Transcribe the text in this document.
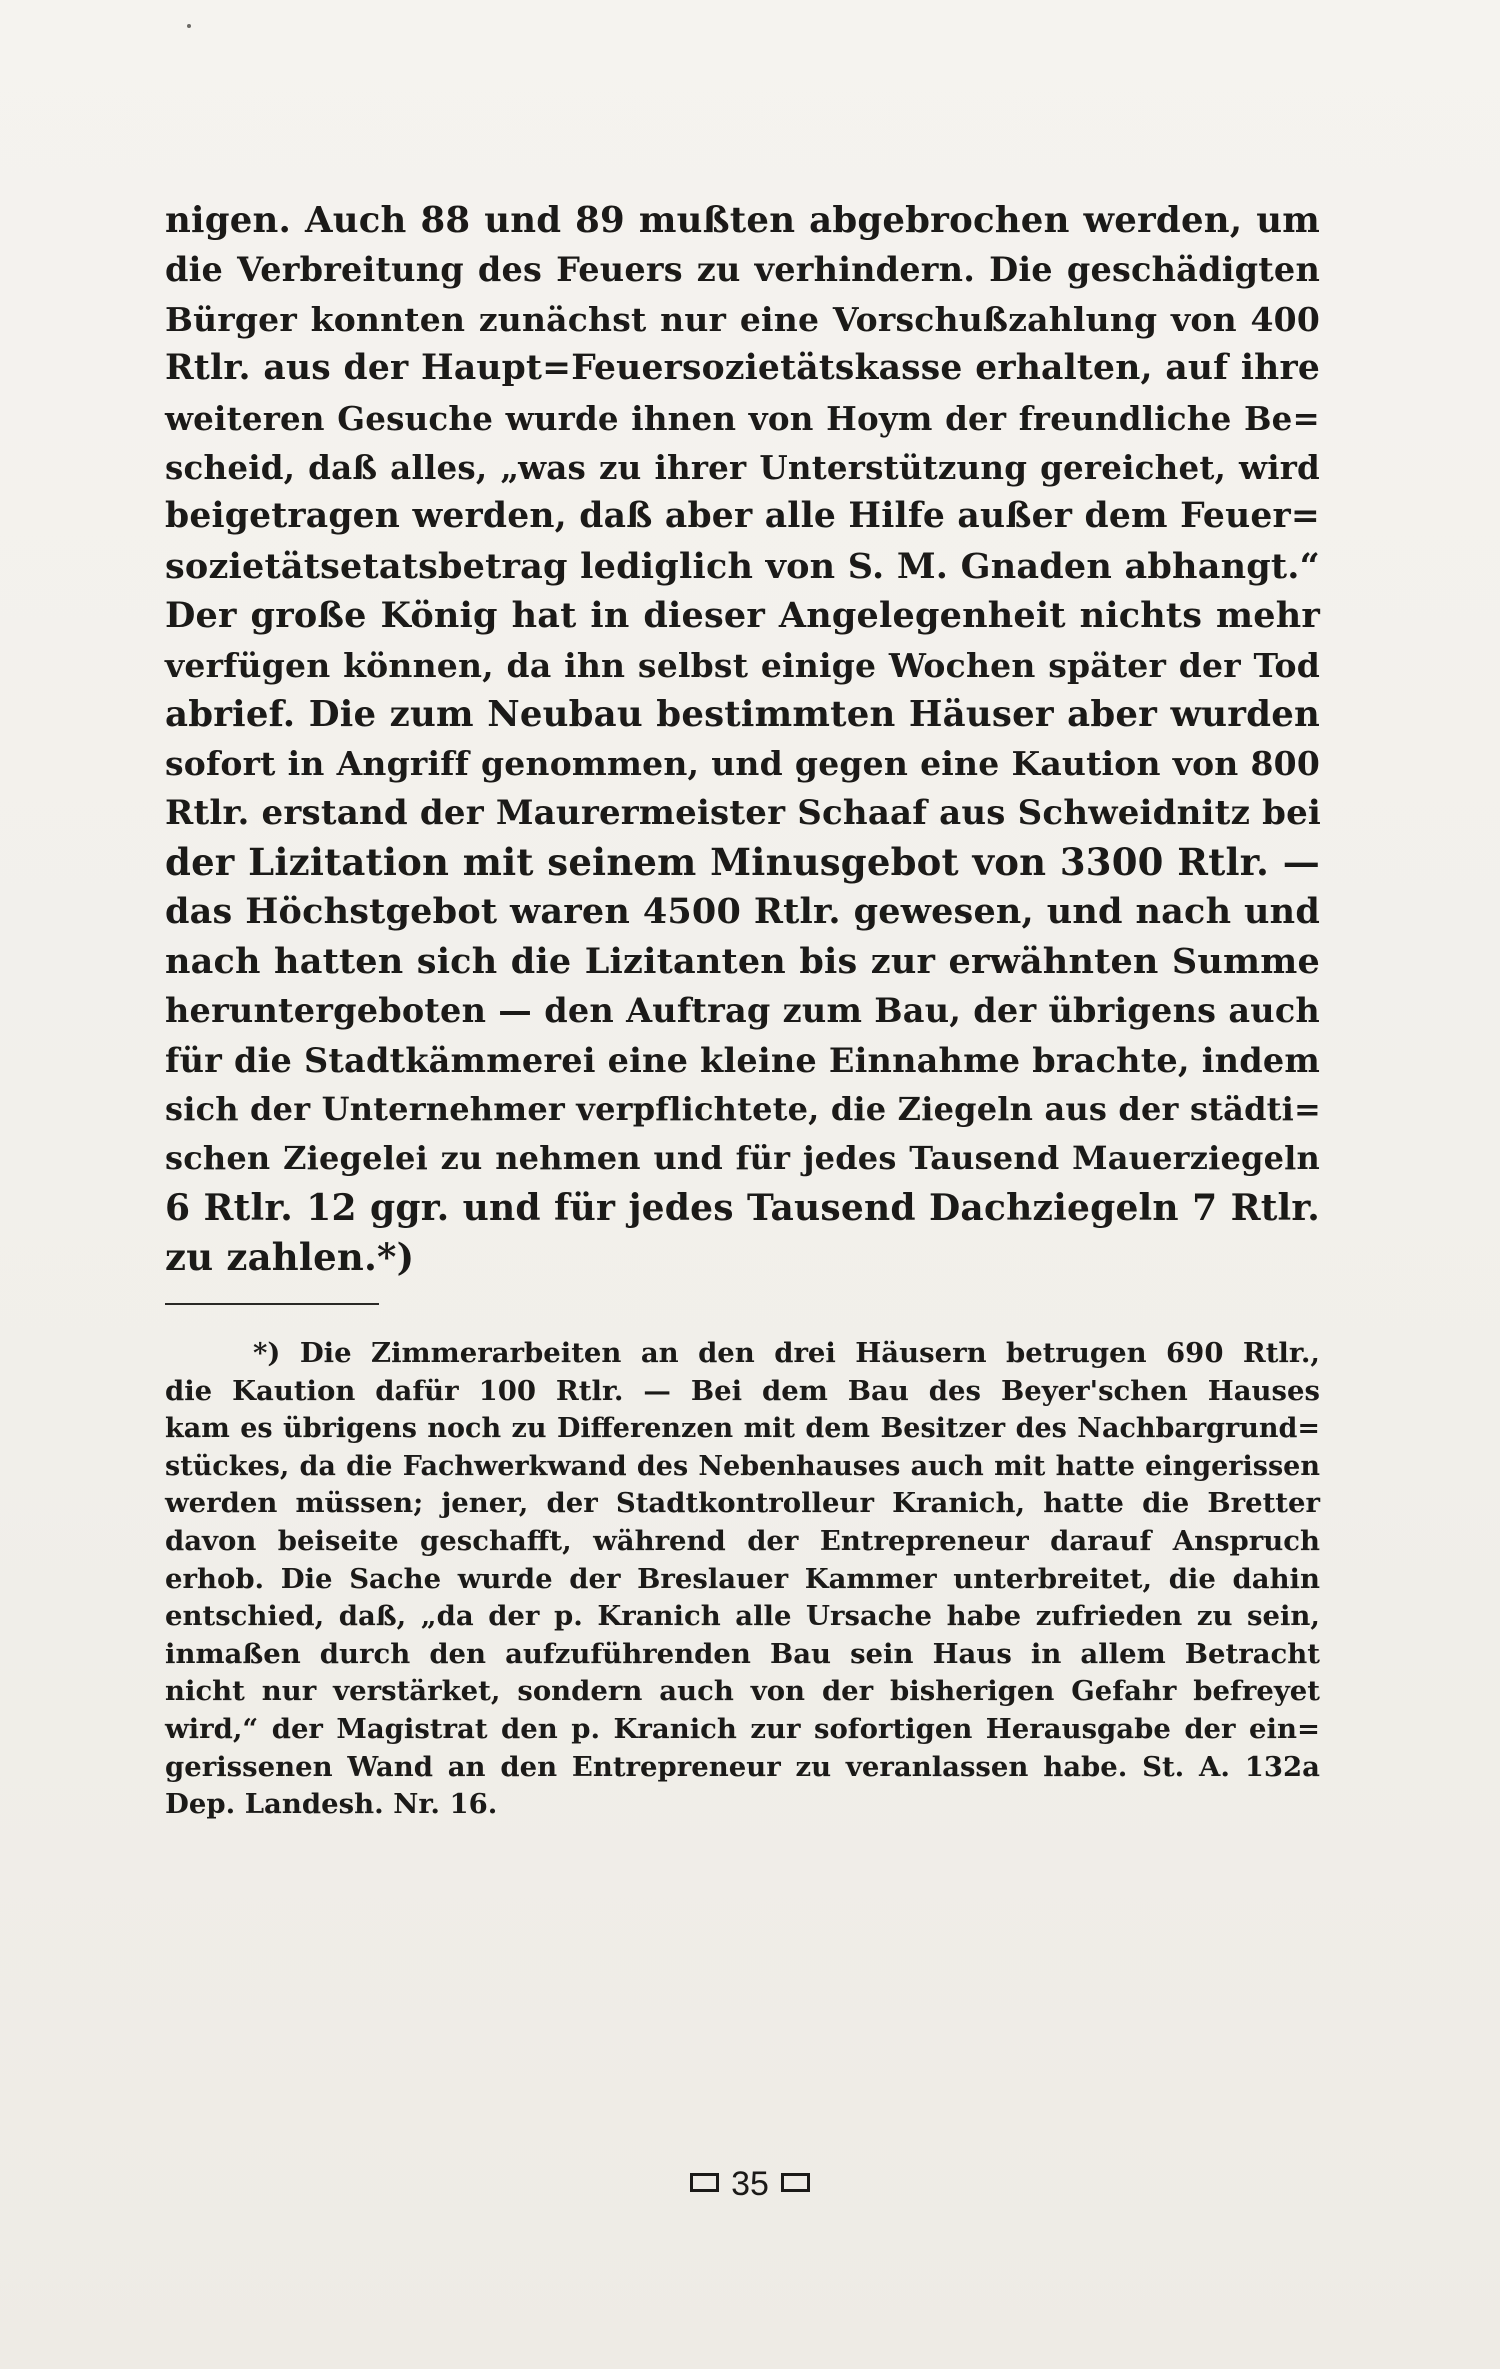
nigen. Auch 88 und 89 mußten abgebrochen werden, um
die Verbreitung des Feuers zu verhindern. Die geschädigten
Bürger konnten zunächst nur eine Vorschußzahlung von 400
Rtlr. aus der Haupt=Feuersozietätskasse erhalten, auf ihre
weiteren Gesuche wurde ihnen von Hoym der freundliche Be=
scheid, daß alles, „was zu ihrer Unterstützung gereichet, wird
beigetragen werden, daß aber alle Hilfe außer dem Feuer=
sozietätsetatsbetrag lediglich von S. M. Gnaden abhangt.“
Der große König hat in dieser Angelegenheit nichts mehr
verfügen können, da ihn selbst einige Wochen später der Tod
abrief. Die zum Neubau bestimmten Häuser aber wurden
sofort in Angriff genommen, und gegen eine Kaution von 800
Rtlr. erstand der Maurermeister Schaaf aus Schweidnitz bei
der Lizitation mit seinem Minusgebot von 3300 Rtlr. —
das Höchstgebot waren 4500 Rtlr. gewesen, und nach und
nach hatten sich die Lizitanten bis zur erwähnten Summe
heruntergeboten — den Auftrag zum Bau, der übrigens auch
für die Stadtkämmerei eine kleine Einnahme brachte, indem
sich der Unternehmer verpflichtete, die Ziegeln aus der städti=
schen Ziegelei zu nehmen und für jedes Tausend Mauerziegeln
6 Rtlr. 12 ggr. und für jedes Tausend Dachziegeln 7 Rtlr.
zu zahlen.*)
*) Die Zimmerarbeiten an den drei Häusern betrugen 690 Rtlr.,
die Kaution dafür 100 Rtlr. — Bei dem Bau des Beyer'schen Hauses
kam es übrigens noch zu Differenzen mit dem Besitzer des Nachbargrund=
stückes, da die Fachwerkwand des Nebenhauses auch mit hatte eingerissen
werden müssen; jener, der Stadtkontrolleur Kranich, hatte die Bretter
davon beiseite geschafft, während der Entrepreneur darauf Anspruch
erhob. Die Sache wurde der Breslauer Kammer unterbreitet, die dahin
entschied, daß, „da der p. Kranich alle Ursache habe zufrieden zu sein,
inmaßen durch den aufzuführenden Bau sein Haus in allem Betracht
nicht nur verstärket, sondern auch von der bisherigen Gefahr befreyet
wird,“ der Magistrat den p. Kranich zur sofortigen Herausgabe der ein=
gerissenen Wand an den Entrepreneur zu veranlassen habe. St. A. 132a
Dep. Landesh. Nr. 16.
35
